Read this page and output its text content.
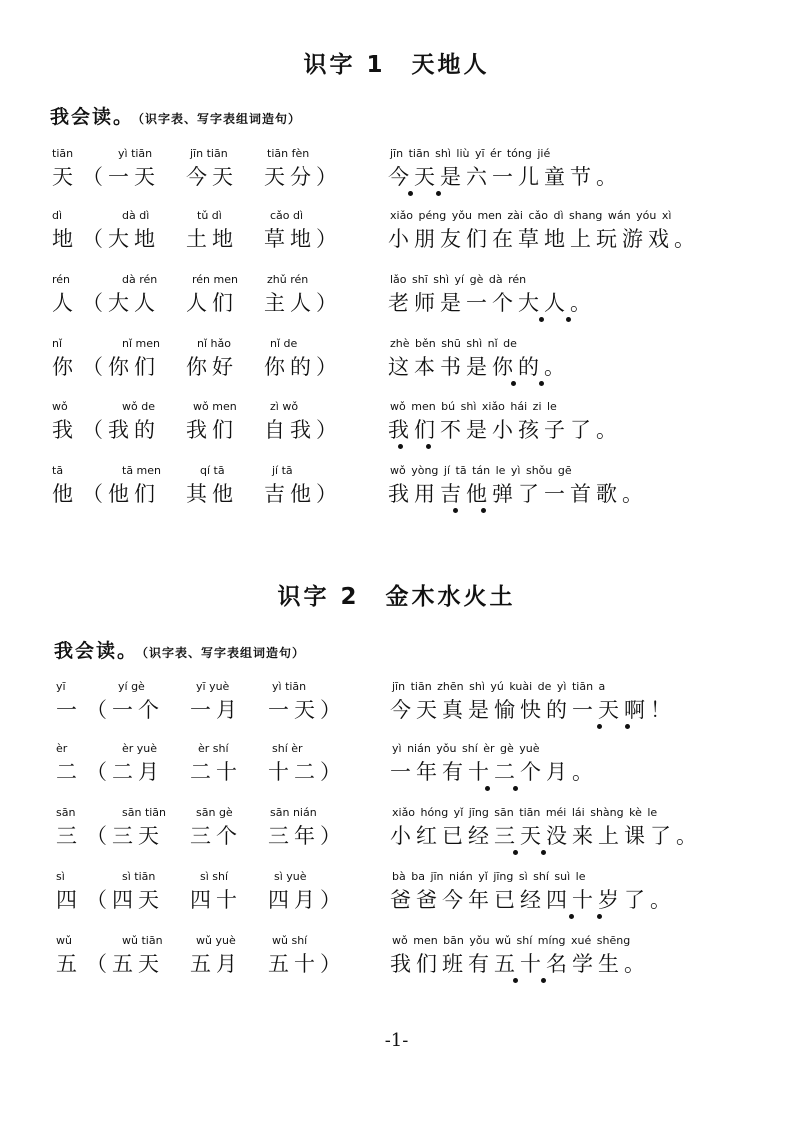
识字 1　天地人
我会读。 （识字表、写字表组词造句）
tiān	yì tiān	jīn tiān	tiān fèn	jīn tiān shì liù yī ér tóng jié
天 （一天　今天　天分） 今天是六一儿童节。
dì	dà dì	tǔ dì	cǎo dì	xiǎo péng yǒu men zài cǎo dì shang wán yóu xì
地 （大地　土地　草地） 小朋友们在草地上玩游戏。
rén	dà rén	rén men	zhǔ rén	lǎo shī shì yí gè dà rén
人 （大人　人们　主人） 老师是一个大人。
nǐ	nǐ men	nǐ hǎo	nǐ de	zhè běn shū shì nǐ de
你 （你们　你好　你的） 这本书是你的。
wǒ	wǒ de	wǒ men	zì wǒ	wǒ men bú shì xiǎo hái zi le
我 （我的　我们　自我） 我们不是小孩子了。
tā	tā men	qí tā	jí tā	wǒ yòng jí tā tán le yì shǒu gē
他 （他们　其他　吉他） 我用吉他弹了一首歌。
识字 2　金木水火土
我会读。 （识字表、写字表组词造句）
yī	yí gè	yī yuè	yì tiān	jīn tiān zhēn shì yú kuài de yì tiān a
一 （一个　一月　一天） 今天真是愉快的一天啊！
èr	èr yuè	èr shí	shí èr	yì nián yǒu shí èr gè yuè
二 （二月　二十　十二） 一年有十二个月。
sān	sān tiān	sān gè	sān nián	xiǎo hóng yǐ jīng sān tiān méi lái shàng kè le
三 （三天　三个　三年） 小红已经三天没来上课了。
sì	sì tiān	sì shí	sì yuè	bà ba jīn nián yǐ jīng sì shí suì le
四 （四天　四十　四月） 爸爸今年已经四十岁了。
wǔ	wǔ tiān	wǔ yuè	wǔ shí	wǒ men bān yǒu wǔ shí míng xué shēng
五 （五天　五月　五十） 我们班有五十名学生。
-1-
